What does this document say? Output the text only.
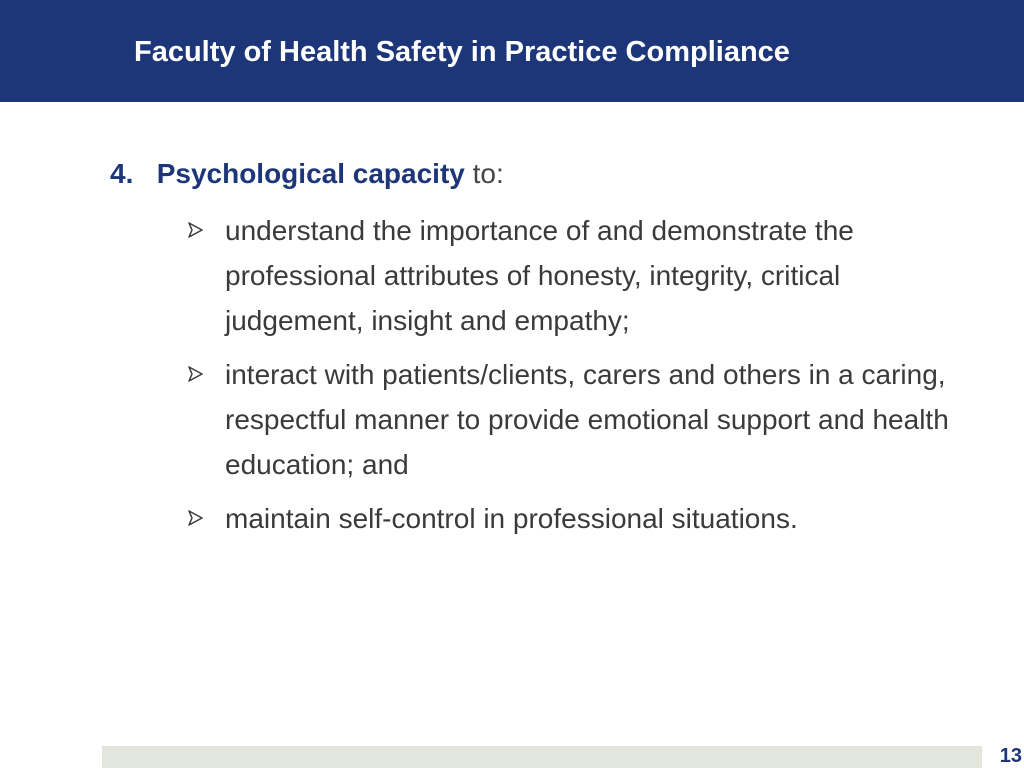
Faculty of Health Safety in Practice Compliance
4. Psychological capacity to:
understand the importance of and demonstrate the professional attributes of honesty, integrity, critical judgement, insight and empathy;
interact with patients/clients, carers and others in a caring, respectful manner to provide emotional support and health education; and
maintain self-control in professional situations.
13
